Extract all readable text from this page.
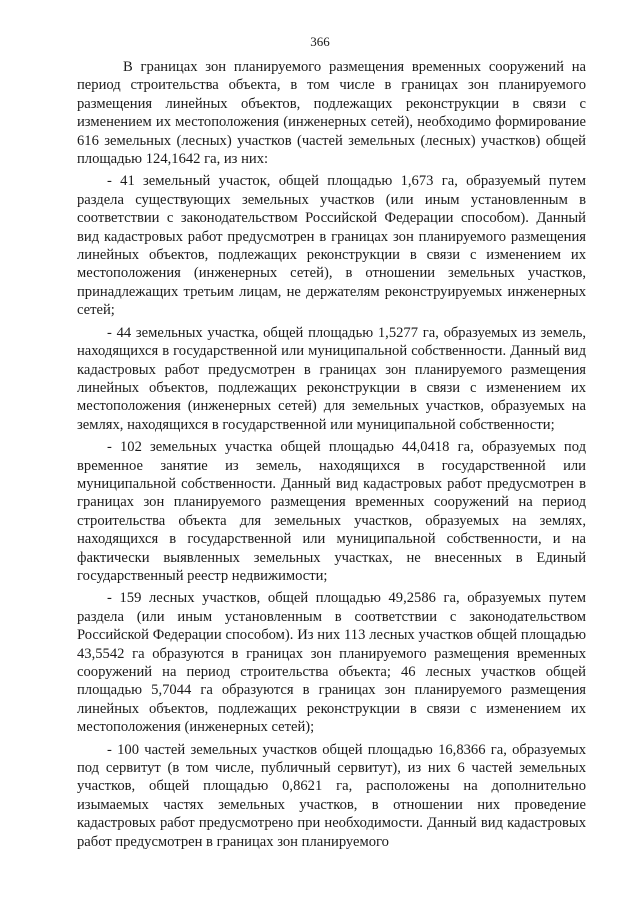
366

В границах зон планируемого размещения временных сооружений на период строительства объекта, в том числе в границах зон планируемого размещения линейных объектов, подлежащих реконструкции в связи с изменением их местоположения (инженерных сетей), необходимо формирование 616 земельных (лесных) участков (частей земельных (лесных) участков) общей площадью 124,1642 га, из них:

- 41 земельный участок, общей площадью 1,673 га, образуемый путем раздела существующих земельных участков (или иным установленным в соответствии с законодательством Российской Федерации способом). Данный вид кадастровых работ предусмотрен в границах зон планируемого размещения линейных объектов, подлежащих реконструкции в связи с изменением их местоположения (инженерных сетей), в отношении земельных участков, принадлежащих третьим лицам, не держателям реконструируемых инженерных сетей;

- 44 земельных участка, общей площадью 1,5277 га, образуемых из земель, находящихся в государственной или муниципальной собственности. Данный вид кадастровых работ предусмотрен в границах зон планируемого размещения линейных объектов, подлежащих реконструкции в связи с изменением их местоположения (инженерных сетей) для земельных участков, образуемых на землях, находящихся в государственной или муниципальной собственности;

- 102 земельных участка общей площадью 44,0418 га, образуемых под временное занятие из земель, находящихся в государственной или муниципальной собственности. Данный вид кадастровых работ предусмотрен в границах зон планируемого размещения временных сооружений на период строительства объекта для земельных участков, образуемых на землях, находящихся в государственной или муниципальной собственности, и на фактически выявленных земельных участках, не внесенных в Единый государственный реестр недвижимости;

- 159 лесных участков, общей площадью 49,2586 га, образуемых путем раздела (или иным установленным в соответствии с законодательством Российской Федерации способом). Из них 113 лесных участков общей площадью 43,5542 га образуются в границах зон планируемого размещения временных сооружений на период строительства объекта; 46 лесных участков общей площадью 5,7044 га образуются в границах зон планируемого размещения линейных объектов, подлежащих реконструкции в связи с изменением их местоположения (инженерных сетей);

- 100 частей земельных участков общей площадью 16,8366 га, образуемых под сервитут (в том числе, публичный сервитут), из них 6 частей земельных участков, общей площадью 0,8621 га, расположены на дополнительно изымаемых частях земельных участков, в отношении них проведение кадастровых работ предусмотрено при необходимости. Данный вид кадастровых работ предусмотрен в границах зон планируемого
